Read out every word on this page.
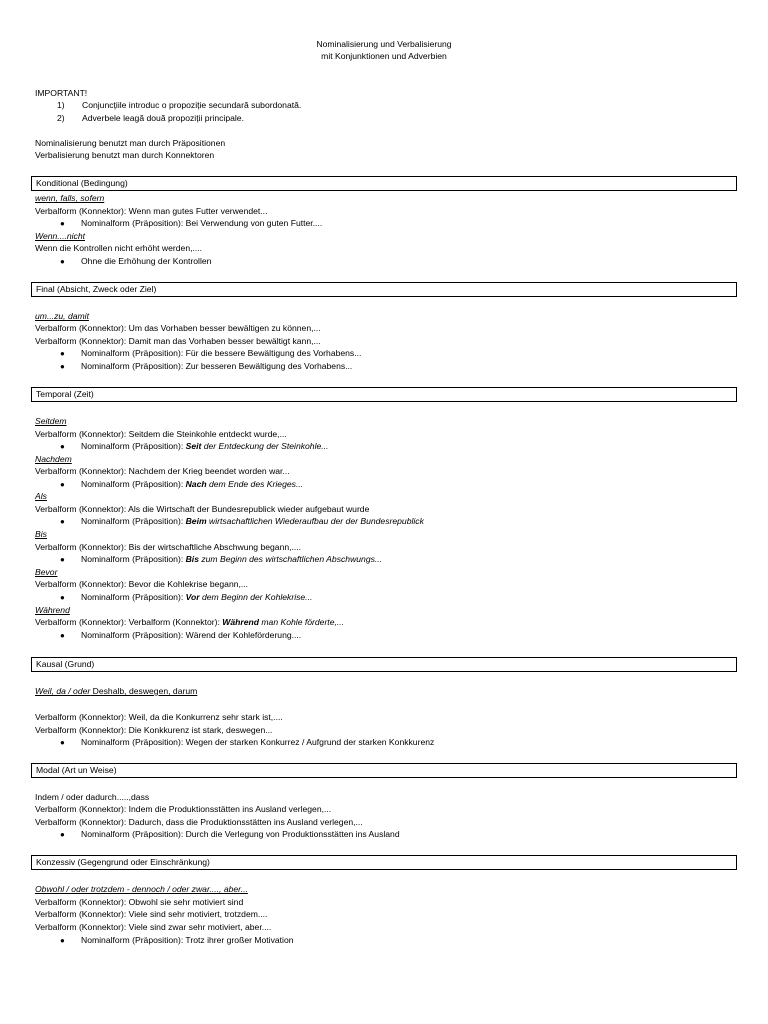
Nominalisierung und Verbalisierung
mit Konjunktionen und Adverbien
IMPORTANT!
1) Conjuncțiile introduc o propoziție secundară subordonată.
2) Adverbele leagă două propoziții principale.
Nominalisierung benutzt man durch Präpositionen
Verbalisierung benutzt man durch Konnektoren
Konditional (Bedingung)
wenn, falls, sofern
Verbalform (Konnektor): Wenn man gutes Futter verwendet...
● Nominalform (Präposition): Bei Verwendung von guten Futter....
Wenn....nicht
Wenn die Kontrollen nicht erhöht werden,....
● Ohne die Erhöhung der Kontrollen
Final (Absicht, Zweck oder Ziel)
um...zu, damit
Verbalform (Konnektor): Um das Vorhaben besser bewältigen zu können,...
Verbalform (Konnektor): Damit man das Vorhaben besser bewältigt kann,...
● Nominalform (Präposition): Für die bessere Bewältigung des Vorhabens...
● Nominalform (Präposition): Zur besseren Bewältigung des Vorhabens...
Temporal (Zeit)
Seitdem
Verbalform (Konnektor): Seitdem die Steinkohle entdeckt wurde,...
● Nominalform (Präposition): Seit der Entdeckung der Steinkohle...
Nachdem
Verbalform (Konnektor): Nachdem der Krieg beendet worden war...
● Nominalform (Präposition): Nach dem Ende des Krieges...
Als
Verbalform (Konnektor): Als die Wirtschaft der Bundesrepublick wieder aufgebaut wurde
● Nominalform (Präposition): Beim wirtsachaftlichen Wiederaufbau der der Bundesrepublick
Bis
Verbalform (Konnektor): Bis der wirtschaftliche Abschwung begann,....
● Nominalform (Präposition): Bis zum Beginn des wirtschaftlichen Abschwungs...
Bevor
Verbalform (Konnektor): Bevor die Kohlekrise begann,...
● Nominalform (Präposition): Vor dem Beginn der Kohlekrise...
Während
Verbalform (Konnektor): Verbalform (Konnektor): Während man Kohle förderte,...
● Nominalform (Präposition): Wärend der Kohleförderung....
Kausal (Grund)
Weil, da / oder Deshalb, deswegen, darum
Verbalform (Konnektor): Weil, da die Konkurrenz sehr stark ist,....
Verbalform (Konnektor): Die Konkkurenz ist stark, deswegen...
● Nominalform (Präposition): Wegen der starken Konkurrez / Aufgrund der starken Konkkurenz
Modal (Art un Weise)
Indem / oder dadurch.....,dass
Verbalform (Konnektor): Indem die Produktionsstätten ins Ausland verlegen,...
Verbalform (Konnektor): Dadurch, dass die Produktionsstätten ins Ausland verlegen,...
● Nominalform (Präposition): Durch die Verlegung von Produktionsstätten ins Ausland
Konzessiv (Gegengrund oder Einschränkung)
Obwohl / oder trotzdem - dennoch / oder zwar...., aber...
Verbalform (Konnektor): Obwohl sie sehr motiviert sind
Verbalform (Konnektor): Viele sind sehr motiviert, trotzdem....
Verbalform (Konnektor): Viele sind zwar sehr motiviert, aber....
● Nominalform (Präposition): Trotz ihrer großer Motivation
